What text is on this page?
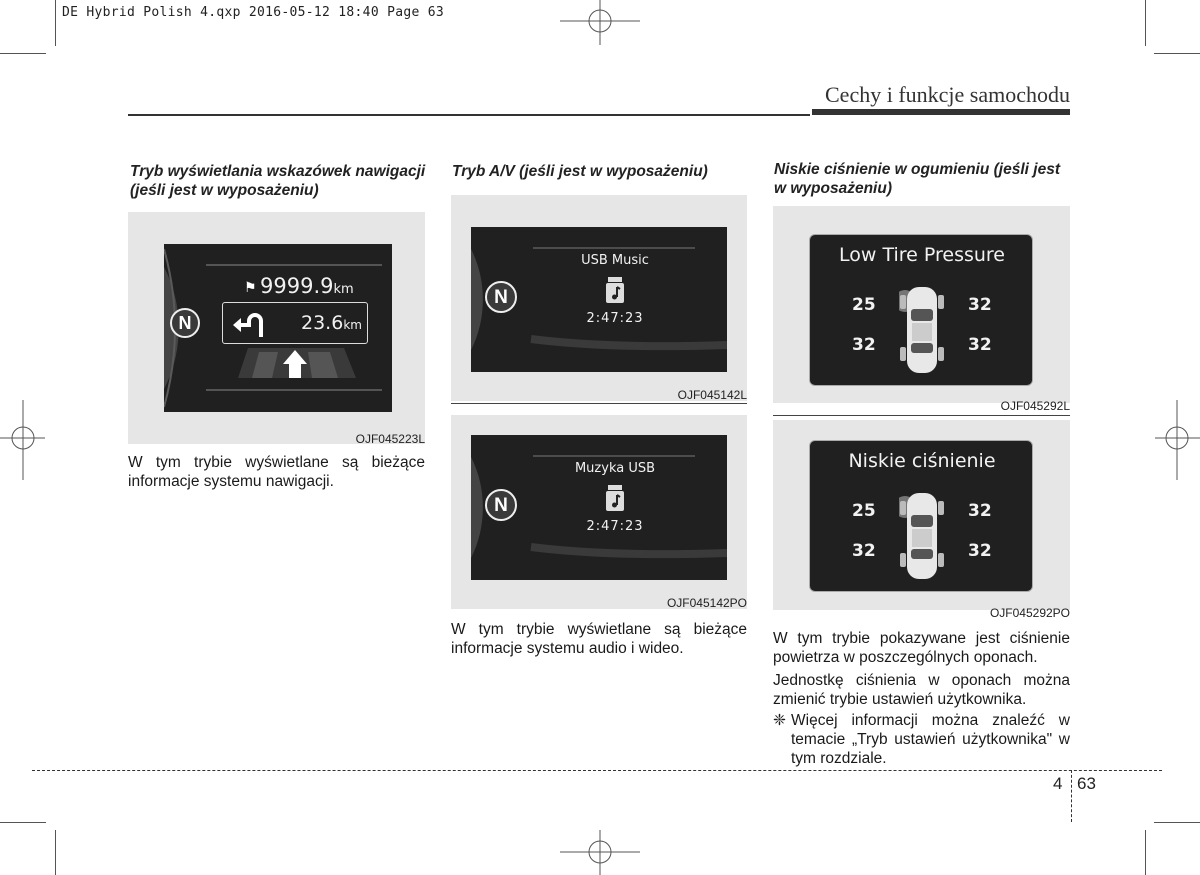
DE Hybrid Polish 4.qxp 2016-05-12 18:40 Page 63
Cechy i funkcje samochodu
Tryb wyświetlania wskazówek nawigacji (jeśli jest w wyposażeniu)
N
⚑ 9999.9km
23.6km
OJF045223L
W tym trybie wyświetlane są bieżące informacje systemu nawigacji.
Tryb A/V (jeśli jest w wyposażeniu)
N
USB Music
2:47:23
OJF045142L
N
Muzyka USB
2:47:23
OJF045142PO
W tym trybie wyświetlane są bieżące informacje systemu audio i wideo.
Niskie ciśnienie w ogumieniu (jeśli jest w wyposażeniu)
Low Tire Pressure
25	32
32	32
OJF045292L
Niskie ciśnienie
25	32
32	32
OJF045292PO
W tym trybie pokazywane jest ciśnienie powietrza w poszczególnych oponach.
Jednostkę ciśnienia w oponach można zmienić trybie ustawień użytkownika.
❈ Więcej informacji można znaleźć w temacie „Tryb ustawień użytkownika" w tym rozdziale.
4 63
